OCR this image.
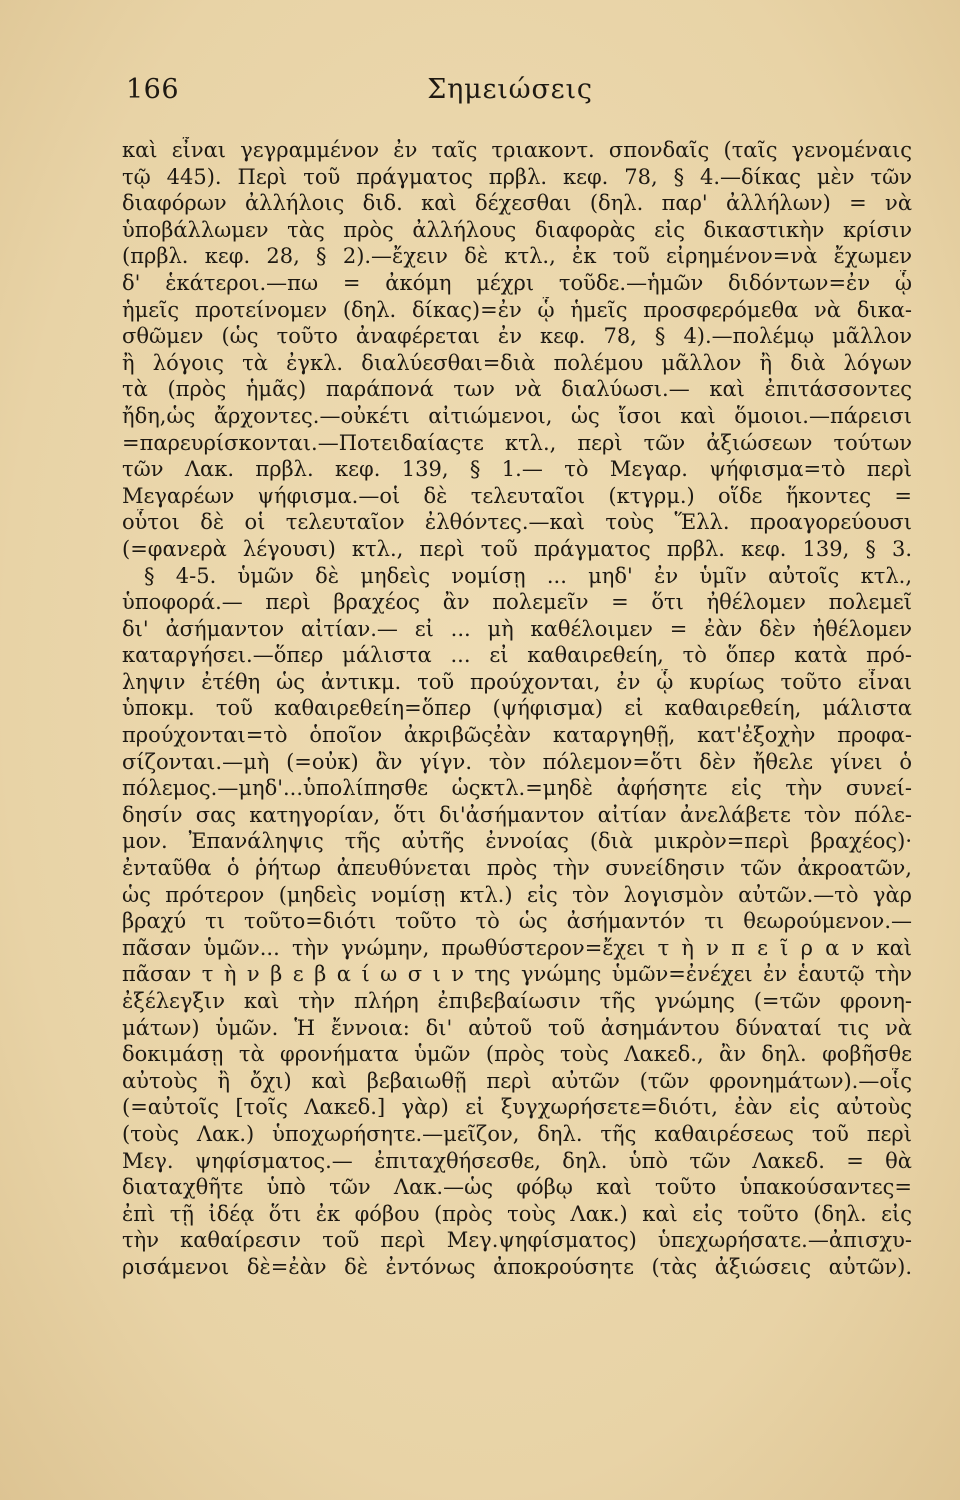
166	Σημειώσεις
καὶ εἶναι γεγραμμένον ἐν ταῖς τριακοντ. σπονδαῖς (ταῖς γενομέναις
τῷ 445). Περὶ τοῦ πράγματος πρβλ. κεφ. 78, § 4.—δίκας μὲν τῶν
διαφόρων ἀλλήλοις διδ. καὶ δέχεσθαι (δηλ. παρ' ἀλλήλων) = νὰ
ὑποβάλλωμεν τὰς πρὸς ἀλλήλους διαφορὰς εἰς δικαστικὴν κρίσιν
(πρβλ. κεφ. 28, § 2).—ἔχειν δὲ κτλ., ἐκ τοῦ εἰρημένον=νὰ ἔχωμεν
δ' ἑκάτεροι.—πω = ἀκόμη μέχρι τοῦδε.—ἡμῶν διδόντων=ἐν ᾧ
ἡμεῖς προτείνομεν (δηλ. δίκας)=ἐν ᾧ ἡμεῖς προσφερόμεθα νὰ δικα-
σθῶμεν (ὡς τοῦτο ἀναφέρεται ἐν κεφ. 78, § 4).—πολέμῳ μᾶλλον
ἢ λόγοις τὰ ἐγκλ. διαλύεσθαι=διὰ πολέμου μᾶλλον ἢ διὰ λόγων
τὰ (πρὸς ἡμᾶς) παράπονά των νὰ διαλύωσι.— καὶ ἐπιτάσσοντες
ἤδη,ὡς ἄρχοντες.—οὐκέτι αἰτιώμενοι, ὡς ἴσοι καὶ ὅμοιοι.—πάρεισι
=παρευρίσκονται.—Ποτειδαίαςτε κτλ., περὶ τῶν ἀξιώσεων τούτων
τῶν Λακ. πρβλ. κεφ. 139, § 1.— τὸ Μεγαρ. ψήφισμα=τὸ περὶ
Μεγαρέων ψήφισμα.—οἱ δὲ τελευταῖοι (κτγρμ.) οἵδε ἥκοντες =
οὗτοι δὲ οἱ τελευταῖον ἐλθόντες.—καὶ τοὺς Ἕλλ. προαγορεύουσι
(=φανερὰ λέγουσι) κτλ., περὶ τοῦ πράγματος πρβλ. κεφ. 139, § 3.
§ 4-5. ὑμῶν δὲ μηδεὶς νομίσῃ ... μηδ' ἐν ὑμῖν αὐτοῖς κτλ.,
ὑποφορά.— περὶ βραχέος ἂν πολεμεῖν = ὅτι ἠθέλομεν πολεμεῖ
δι' ἀσήμαντον αἰτίαν.— εἰ ... μὴ καθέλοιμεν = ἐὰν δὲν ἠθέλομεν
καταργήσει.—ὅπερ μάλιστα ... εἰ καθαιρεθείη, τὸ ὅπερ κατὰ πρό-
ληψιν ἐτέθη ὡς ἀντικμ. τοῦ προύχονται, ἐν ᾧ κυρίως τοῦτο εἶναι
ὑποκμ. τοῦ καθαιρεθείη=ὅπερ (ψήφισμα) εἰ καθαιρεθείη, μάλιστα
προύχονται=τὸ ὁποῖον ἀκριβῶςἐὰν καταργηθῇ, κατ'ἐξοχὴν προφα-
σίζονται.—μὴ (=οὐκ) ἂν γίγν. τὸν πόλεμον=ὅτι δὲν ἤθελε γίνει ὁ
πόλεμος.—μηδ'...ὑπολίπησθε ὡςκτλ.=μηδὲ ἀφήσητε εἰς τὴν συνεί-
δησίν σας κατηγορίαν, ὅτι δι'ἀσήμαντον αἰτίαν ἀνελάβετε τὸν πόλε-
μον. Ἐπανάληψις τῆς αὐτῆς ἐννοίας (διὰ μικρὸν=περὶ βραχέος)·
ἐνταῦθα ὁ ῥήτωρ ἀπευθύνεται πρὸς τὴν συνείδησιν τῶν ἀκροατῶν,
ὡς πρότερον (μηδεὶς νομίσῃ κτλ.) εἰς τὸν λογισμὸν αὐτῶν.—τὸ γὰρ
βραχύ τι τοῦτο=διότι τοῦτο τὸ ὡς ἀσήμαντόν τι θεωρούμενον.—
πᾶσαν ὑμῶν... τὴν γνώμην, πρωθύστερον=ἔχει τ ὴ ν π ε ῖ ρ α ν καὶ
πᾶσαν τ ὴ ν β ε β α ί ω σ ι ν της γνώμης ὑμῶν=ἐνέχει ἐν ἑαυτῷ τὴν
ἐξέλεγξιν καὶ τὴν πλήρη ἐπιβεβαίωσιν τῆς γνώμης (=τῶν φρονη-
μάτων) ὑμῶν. Ἡ ἔννοια: δι' αὐτοῦ τοῦ ἀσημάντου δύναταί τις νὰ
δοκιμάσῃ τὰ φρονήματα ὑμῶν (πρὸς τοὺς Λακεδ., ἂν δηλ. φοβῆσθε
αὐτοὺς ἢ ὄχι) καὶ βεβαιωθῇ περὶ αὐτῶν (τῶν φρονημάτων).—οἷς
(=αὐτοῖς [τοῖς Λακεδ.] γὰρ) εἰ ξυγχωρήσετε=διότι, ἐὰν εἰς αὐτοὺς
(τοὺς Λακ.) ὑποχωρήσητε.—μεῖζον, δηλ. τῆς καθαιρέσεως τοῦ περὶ
Μεγ. ψηφίσματος.— ἐπιταχθήσεσθε, δηλ. ὑπὸ τῶν Λακεδ. = θὰ
διαταχθῆτε ὑπὸ τῶν Λακ.—ὡς φόβῳ καὶ τοῦτο ὑπακούσαντες=
ἐπὶ τῇ ἰδέᾳ ὅτι ἐκ φόβου (πρὸς τοὺς Λακ.) καὶ εἰς τοῦτο (δηλ. εἰς
τὴν καθαίρεσιν τοῦ περὶ Μεγ.ψηφίσματος) ὑπεχωρήσατε.—ἀπισχυ-
ρισάμενοι δὲ=ἐὰν δὲ ἐντόνως ἀποκρούσητε (τὰς ἀξιώσεις αὐτῶν).
